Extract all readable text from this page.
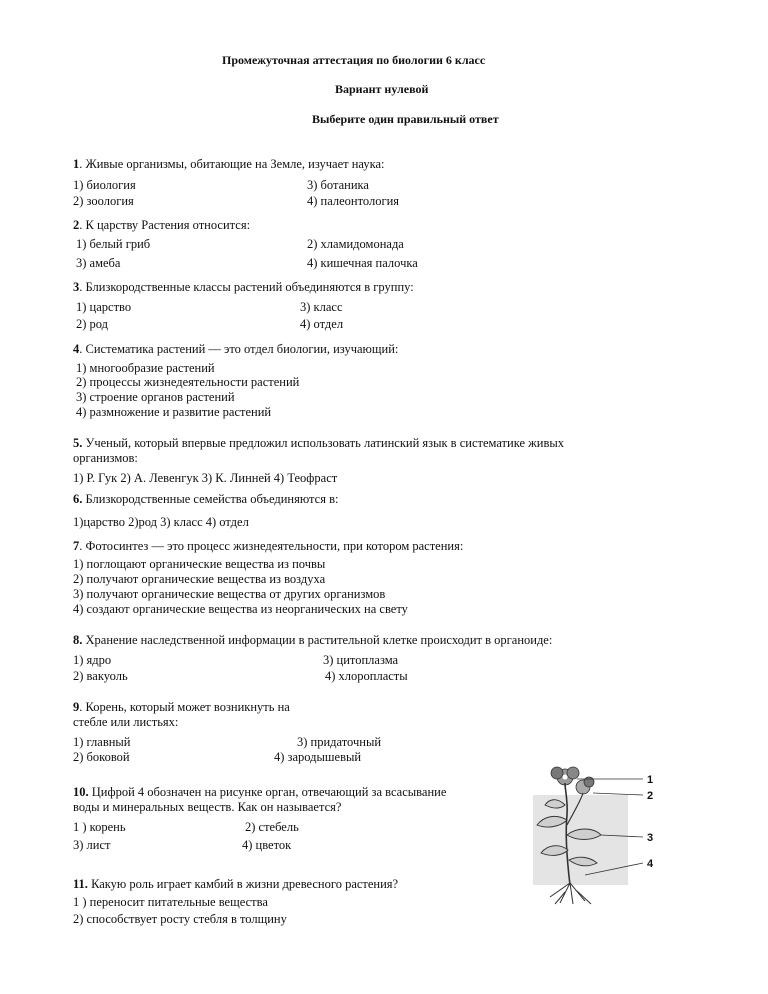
Промежуточная аттестация по биологии 6 класс
Вариант нулевой
Выберите один правильный ответ
1. Живые организмы, обитающие на Земле, изучает наука:
1) биология	3) ботаника
2) зоология	4) палеонтология
2. К царству Растения относится:
1) белый гриб	2) хламидомонада
3) амеба	4) кишечная палочка
3. Близкородственные классы растений объединяются в группу:
1) царство	3) класс
2) род	4) отдел
4. Систематика растений — это отдел биологии, изучающий:
1) многообразие растений
2) процессы жизнедеятельности растений
3) строение органов растений
4) размножение и развитие растений
5. Ученый, который впервые предложил использовать латинский язык в систематике живых
организмов:
1) Р. Гук 2) А. Левенгук 3) К. Линней 4) Теофраст
6. Близкородственные семейства объединяются в:
1)царство 2)род 3) класс 4) отдел
7. Фотосинтез — это процесс жизнедеятельности, при котором растения:
1) поглощают органические вещества из почвы
2) получают органические вещества из воздуха
3) получают органические вещества от других организмов
4) создают органические вещества из неорганических на свету
8. Хранение наследственной информации в растительной клетке происходит в органоиде:
1) ядро	3) цитоплазма
2) вакуоль	4) хлоропласты
9. Корень, который может возникнуть на
стебле или листьях:
1) главный	3) придаточный
2) боковой	4) зародышевый
10. Цифрой 4 обозначен на рисунке орган, отвечающий за всасывание
воды и минеральных веществ. Как он называется?
1 ) корень	2) стебель
3) лист	4) цветок
11. Какую роль играет камбий в жизни древесного растения?
1 ) переносит питательные вещества
2) способствует росту стебля в толщину
1
2
3
4
